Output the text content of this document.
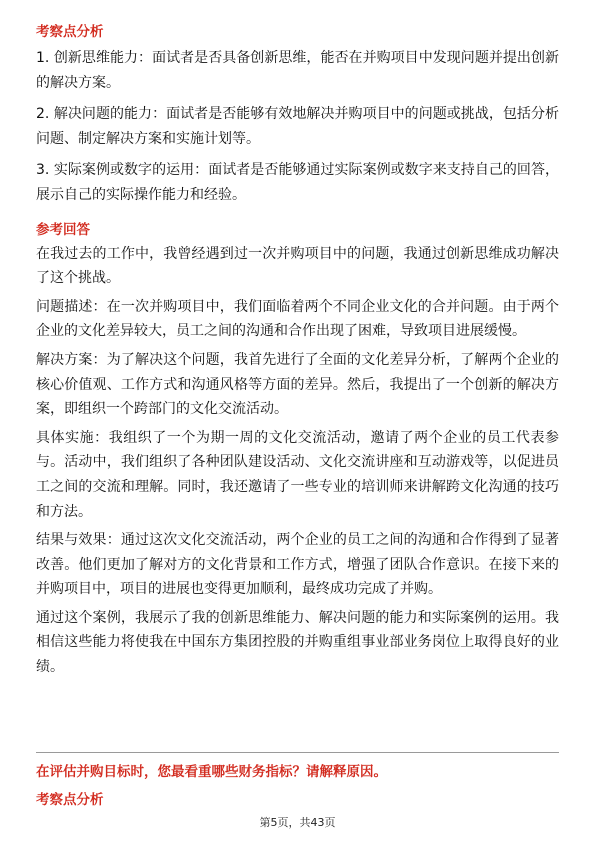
考察点分析

1. 创新思维能力：面试者是否具备创新思维，能否在并购项目中发现问题并提出创新的解决方案。

2. 解决问题的能力：面试者是否能够有效地解决并购项目中的问题或挑战，包括分析问题、制定解决方案和实施计划等。

3. 实际案例或数字的运用：面试者是否能够通过实际案例或数字来支持自己的回答，展示自己的实际操作能力和经验。

参考回答

在我过去的工作中，我曾经遇到过一次并购项目中的问题，我通过创新思维成功解决了这个挑战。

问题描述：在一次并购项目中，我们面临着两个不同企业文化的合并问题。由于两个企业的文化差异较大，员工之间的沟通和合作出现了困难，导致项目进展缓慢。

解决方案：为了解决这个问题，我首先进行了全面的文化差异分析，了解两个企业的核心价值观、工作方式和沟通风格等方面的差异。然后，我提出了一个创新的解决方案，即组织一个跨部门的文化交流活动。

具体实施：我组织了一个为期一周的文化交流活动，邀请了两个企业的员工代表参与。活动中，我们组织了各种团队建设活动、文化交流讲座和互动游戏等，以促进员工之间的交流和理解。同时，我还邀请了一些专业的培训师来讲解跨文化沟通的技巧和方法。

结果与效果：通过这次文化交流活动，两个企业的员工之间的沟通和合作得到了显著改善。他们更加了解对方的文化背景和工作方式，增强了团队合作意识。在接下来的并购项目中，项目的进展也变得更加顺利，最终成功完成了并购。

通过这个案例，我展示了我的创新思维能力、解决问题的能力和实际案例的运用。我相信这些能力将使我在中国东方集团控股的并购重组事业部业务岗位上取得良好的业绩。

在评估并购目标时，您最看重哪些财务指标？请解释原因。
考察点分析
第5页，共43页
